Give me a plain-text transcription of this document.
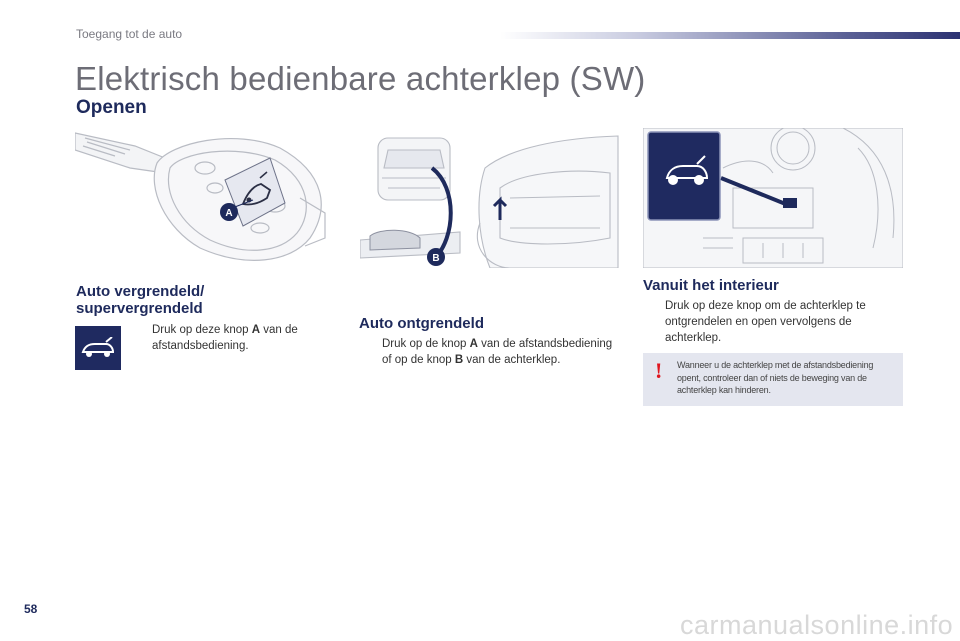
Toegang tot de auto
Elektrisch bedienbare achterklep (SW)
Openen
A
B
Auto vergrendeld/
supervergrendeld
Druk op deze knop A van de afstandsbediening.
Auto ontgrendeld
Druk op de knop A van de afstandsbediening of op de knop B van de achterklep.
Vanuit het interieur
Druk op deze knop om de achterklep te ontgrendelen en open vervolgens de achterklep.
! Wanneer u de achterklep met de afstandsbediening opent, controleer dan of niets de beweging van de achterklep kan hinderen.
58
carmanualsonline.info
